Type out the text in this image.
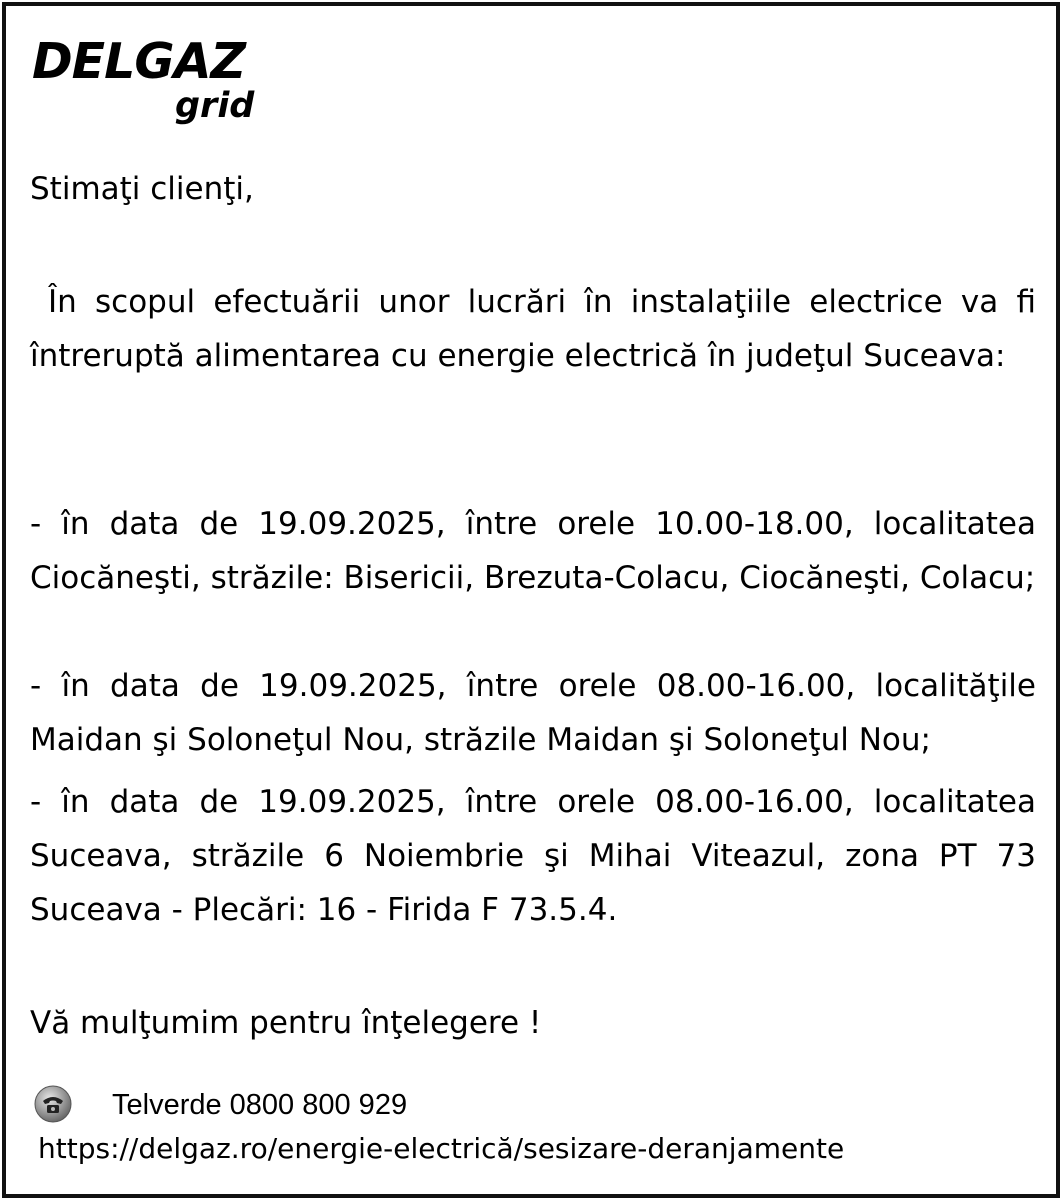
DELGAZ
grid
Stimaţi clienţi,

În scopul efectuării unor lucrări în instalaţiile electrice va fi întreruptă alimentarea cu energie electrică în judeţul Suceava:

- în data de 19.09.2025, între orele 10.00-18.00, localitatea Ciocăneşti, străzile: Bisericii, Brezuta-Colacu, Ciocăneşti, Colacu;

- în data de 19.09.2025, între orele 08.00-16.00, localităţile Maidan şi Soloneţul Nou, străzile Maidan şi Soloneţul Nou;

- în data de 19.09.2025, între orele 08.00-16.00, localitatea Suceava, străzile 6 Noiembrie şi Mihai Viteazul, zona PT 73 Suceava - Plecări: 16 - Firida F 73.5.4.

Vă mulţumim pentru înţelegere !
Telverde 0800 800 929
https://delgaz.ro/energie-electrică/sesizare-deranjamente
